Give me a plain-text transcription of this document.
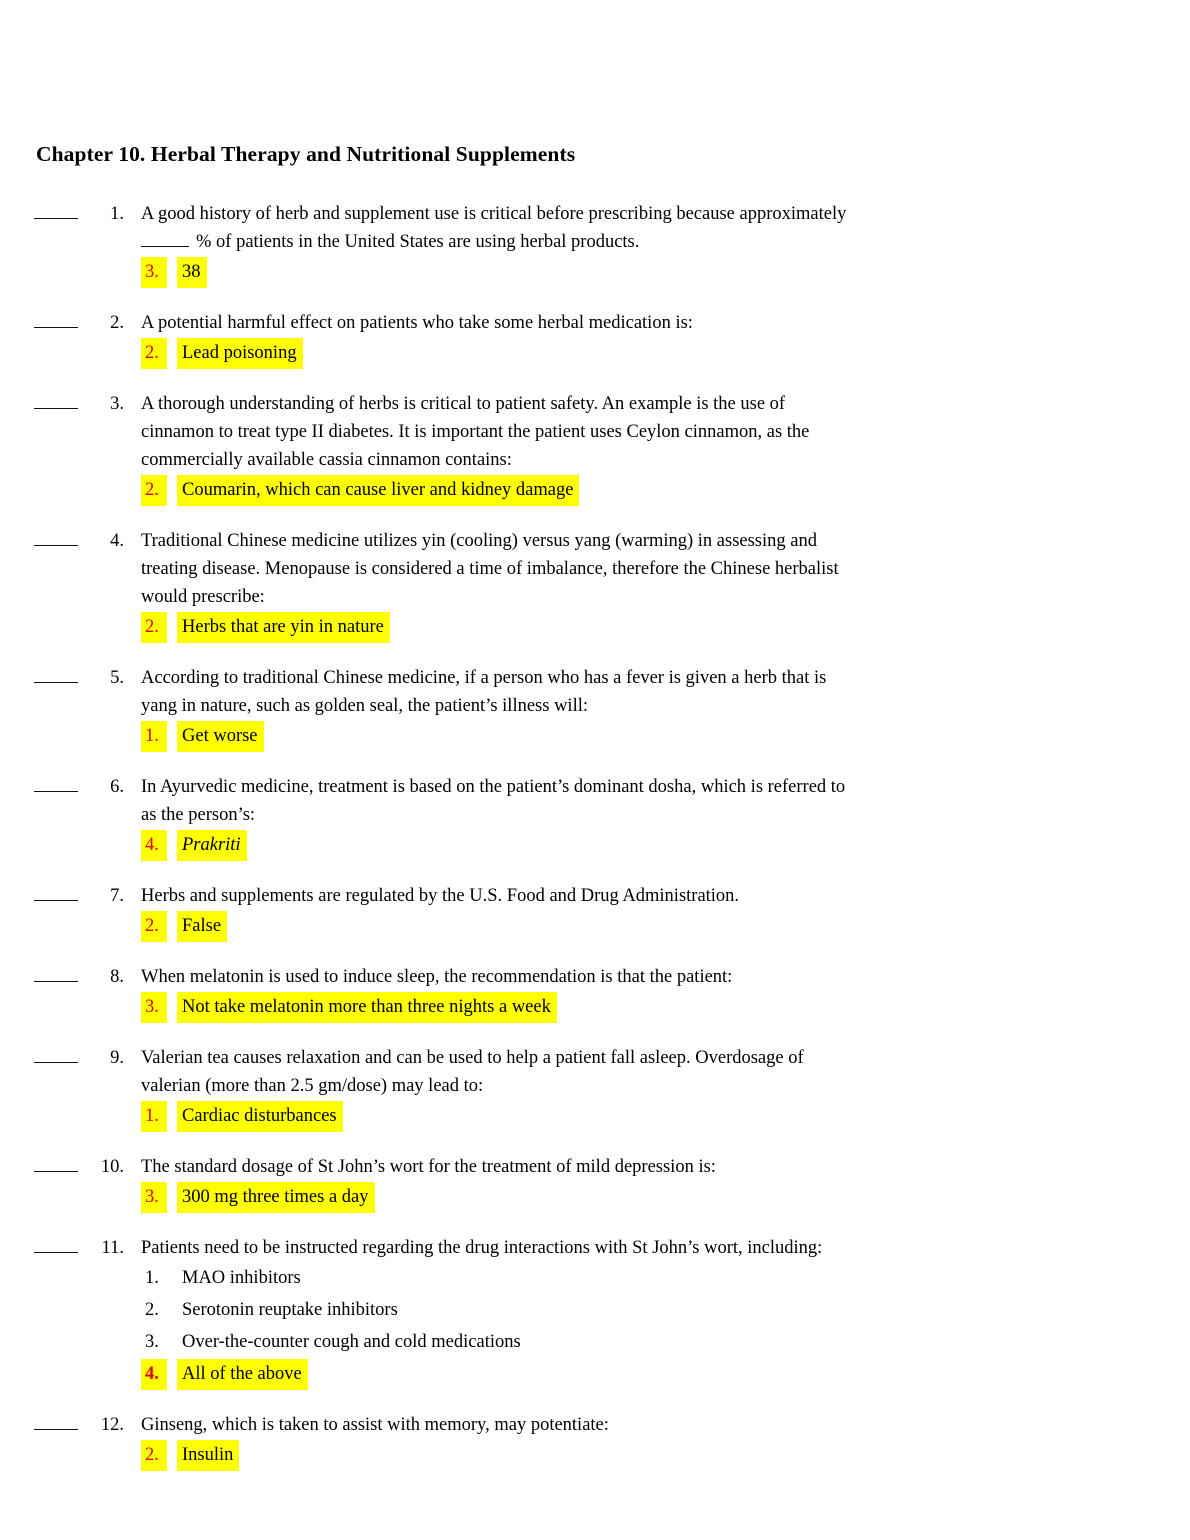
Chapter 10. Herbal Therapy and Nutritional Supplements
1. A good history of herb and supplement use is critical before prescribing because approximately
% of patients in the United States are using herbal products.
3.	38
2. A potential harmful effect on patients who take some herbal medication is:
2.	Lead poisoning
3. A thorough understanding of herbs is critical to patient safety. An example is the use of
cinnamon to treat type II diabetes. It is important the patient uses Ceylon cinnamon, as the
commercially available cassia cinnamon contains:
2.	Coumarin, which can cause liver and kidney damage
4. Traditional Chinese medicine utilizes yin (cooling) versus yang (warming) in assessing and
treating disease. Menopause is considered a time of imbalance, therefore the Chinese herbalist
would prescribe:
2.	Herbs that are yin in nature
5. According to traditional Chinese medicine, if a person who has a fever is given a herb that is
yang in nature, such as golden seal, the patient’s illness will:
1.	Get worse
6. In Ayurvedic medicine, treatment is based on the patient’s dominant dosha, which is referred to
as the person’s:
4.	Prakriti
7. Herbs and supplements are regulated by the U.S. Food and Drug Administration.
2.	False
8. When melatonin is used to induce sleep, the recommendation is that the patient:
3.	Not take melatonin more than three nights a week
9. Valerian tea causes relaxation and can be used to help a patient fall asleep. Overdosage of
valerian (more than 2.5 gm/dose) may lead to:
1.	Cardiac disturbances
10. The standard dosage of St John’s wort for the treatment of mild depression is:
3.	300 mg three times a day
11. Patients need to be instructed regarding the drug interactions with St John’s wort, including:
1.	MAO inhibitors
2.	Serotonin reuptake inhibitors
3.	Over-the-counter cough and cold medications
4.	All of the above
12. Ginseng, which is taken to assist with memory, may potentiate:
2.	Insulin
